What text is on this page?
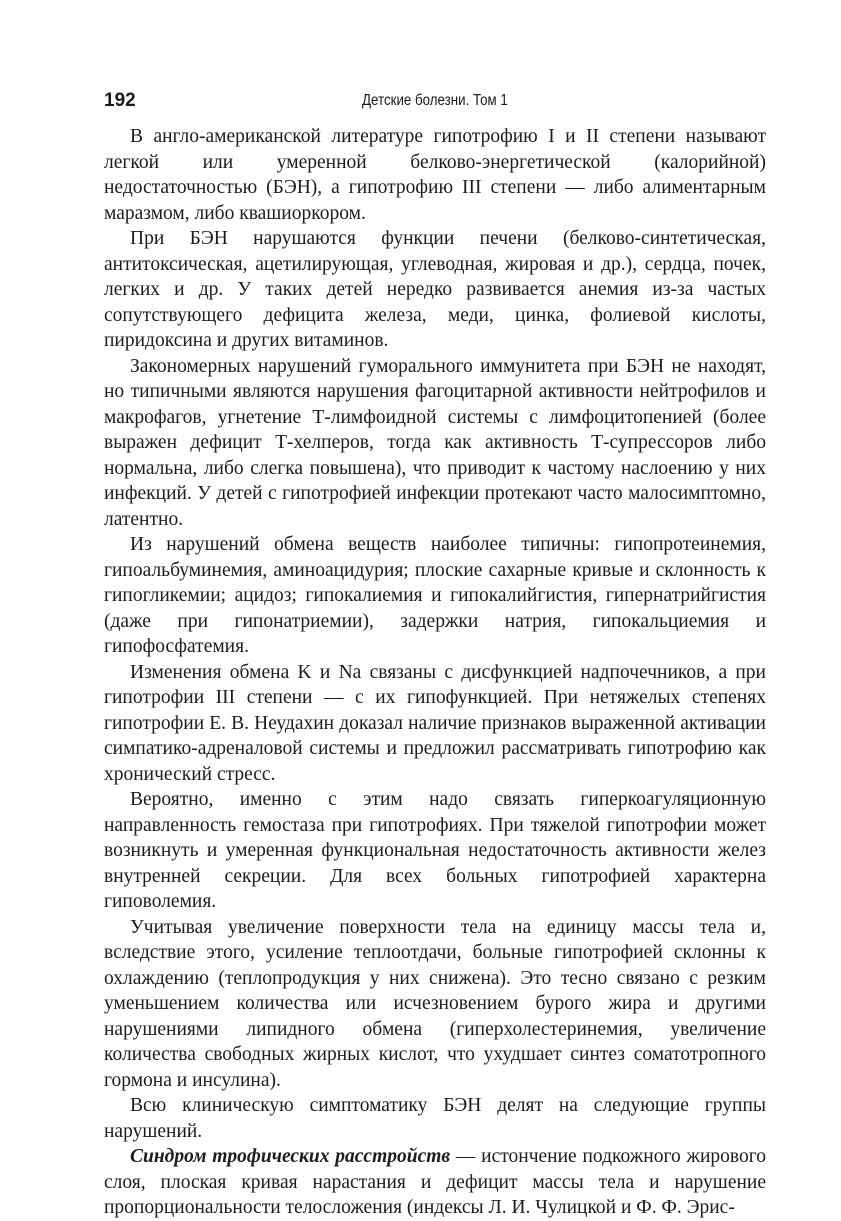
192	Детские болезни. Том 1

В англо-американской литературе гипотрофию I и II степени называют легкой или умеренной белково-энергетической (калорийной) недостаточностью (БЭН), а гипотрофию III степени — либо алиментарным маразмом, либо квашиоркором.

При БЭН нарушаются функции печени (белково-синтетическая, антитоксическая, ацетилирующая, углеводная, жировая и др.), сердца, почек, легких и др. У таких детей нередко развивается анемия из-за частых сопутствующего дефицита железа, меди, цинка, фолиевой кислоты, пиридоксина и других витаминов.

Закономерных нарушений гуморального иммунитета при БЭН не находят, но типичными являются нарушения фагоцитарной активности нейтрофилов и макрофагов, угнетение Т-лимфоидной системы с лимфоцитопенией (более выражен дефицит Т-хелперов, тогда как активность Т-супрессоров либо нормальна, либо слегка повышена), что приводит к частому наслоению у них инфекций. У детей с гипотрофией инфекции протекают часто малосимптомно, латентно.

Из нарушений обмена веществ наиболее типичны: гипопротеинемия, гипоальбуминемия, аминоацидурия; плоские сахарные кривые и склонность к гипогликемии; ацидоз; гипокалиемия и гипокалийгистия, гипернатрийгистия (даже при гипонатриемии), задержки натрия, гипокальциемия и гипофосфатемия.

Изменения обмена K и Na связаны с дисфункцией надпочечников, а при гипотрофии III степени — с их гипофункцией. При нетяжелых степенях гипотрофии Е. В. Неудахин доказал наличие признаков выраженной активации симпатико-адреналовой системы и предложил рассматривать гипотрофию как хронический стресс.

Вероятно, именно с этим надо связать гиперкоагуляционную направленность гемостаза при гипотрофиях. При тяжелой гипотрофии может возникнуть и умеренная функциональная недостаточность активности желез внутренней секреции. Для всех больных гипотрофией характерна гиповолемия.

Учитывая увеличение поверхности тела на единицу массы тела и, вследствие этого, усиление теплоотдачи, больные гипотрофией склонны к охлаждению (теплопродукция у них снижена). Это тесно связано с резким уменьшением количества или исчезновением бурого жира и другими нарушениями липидного обмена (гиперхолестеринемия, увеличение количества свободных жирных кислот, что ухудшает синтез соматотропного гормона и инсулина).

Всю клиническую симптоматику БЭН делят на следующие группы нарушений.

Синдром трофических расстройств — истончение подкожного жирового слоя, плоская кривая нарастания и дефицит массы тела и нарушение пропорциональности телосложения (индексы Л. И. Чулицкой и Ф. Ф. Эрис-
